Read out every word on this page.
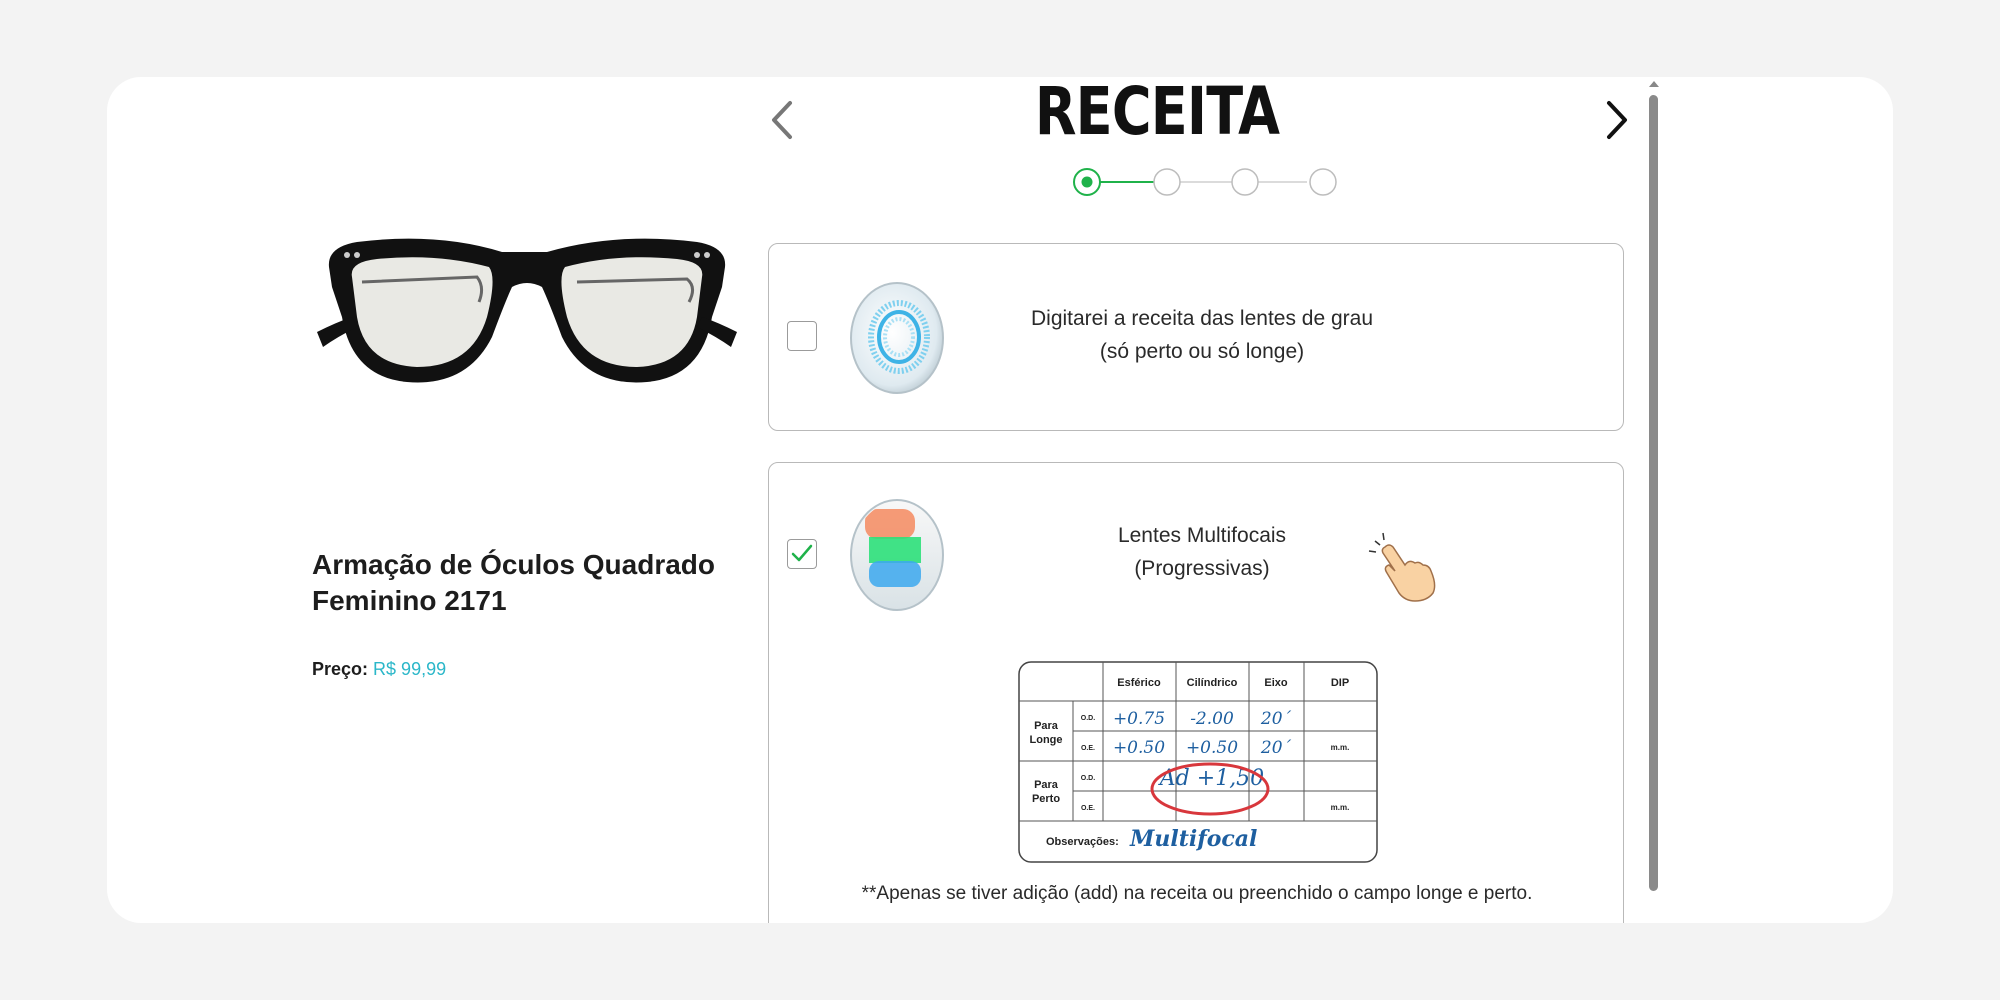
Armação de Óculos Quadrado
Feminino 2171
Preço: R$ 99,99
RECEITA
Digitarei a receita das lentes de grau
(só perto ou só longe)
Lentes Multifocais
(Progressivas)
Esférico Cilíndrico Eixo	DIP
Para
Longe
Para
Perto
O.D.
O.E.
O.D.
O.E.
m.m.
m.m.
Observações:
+0.75 -2.00 20´
+0.50 +0.50 20´
Ad +1,50
Multifocal
**Apenas se tiver adição (add) na receita ou preenchido o campo longe e perto.
